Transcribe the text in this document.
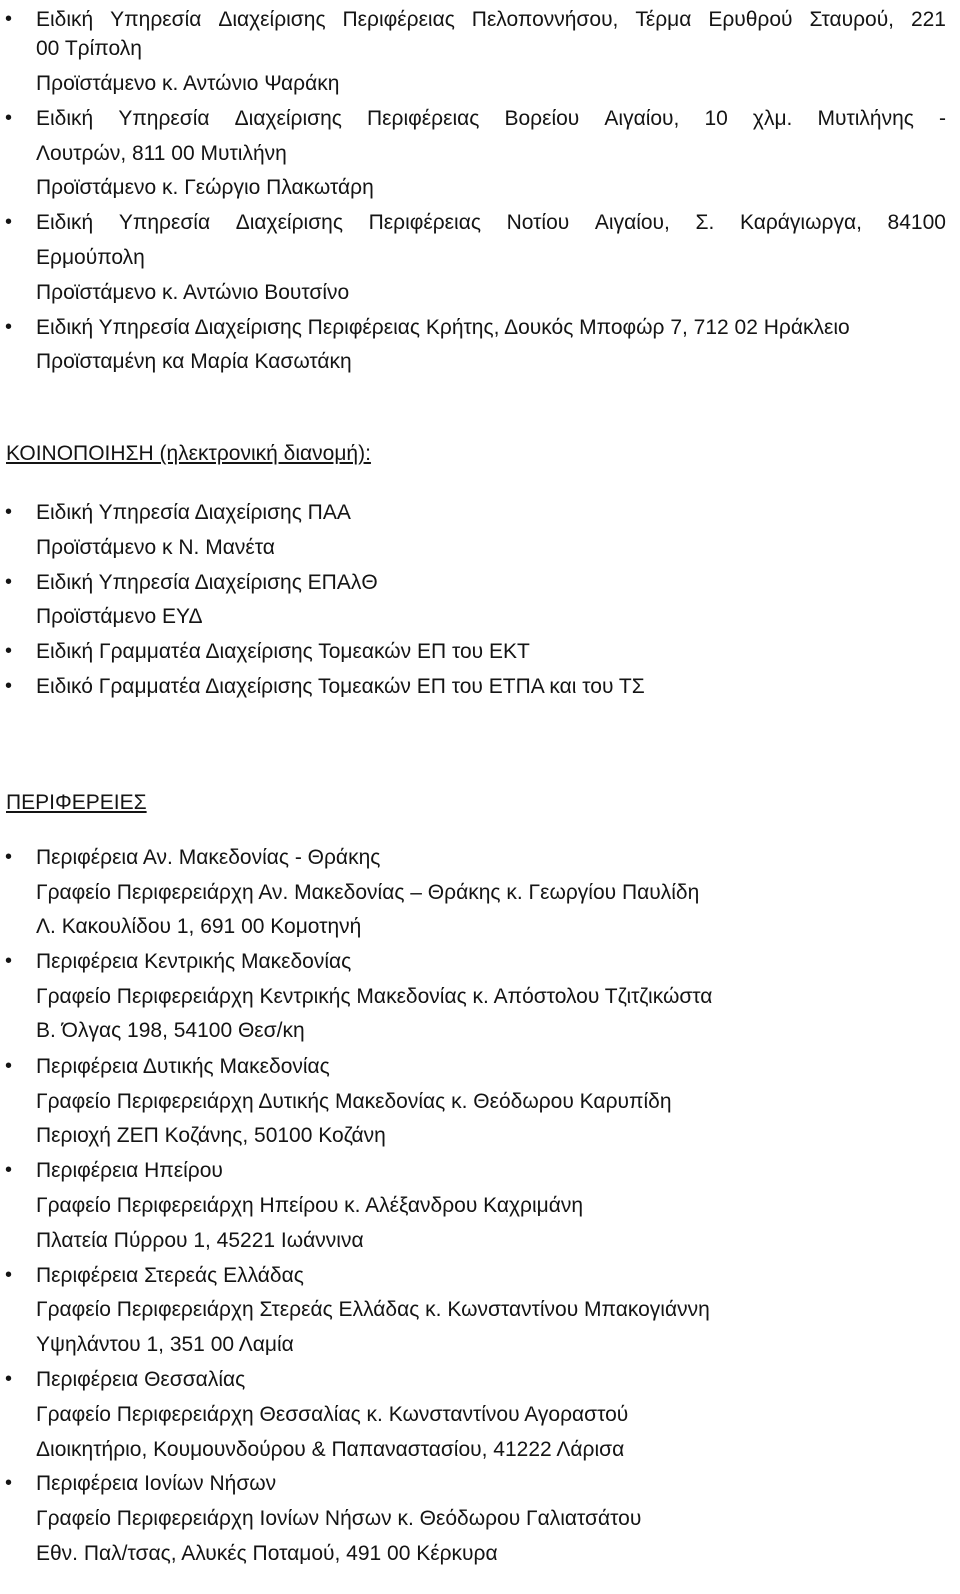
• Ειδική Υπηρεσία Διαχείρισης Περιφέρειας Πελοποννήσου, Τέρμα Ερυθρού Σταυρού, 221
00 Τρίπολη
Προϊστάμενο κ. Αντώνιο Ψαράκη
• Ειδική Υπηρεσία Διαχείρισης Περιφέρειας Βορείου Αιγαίου, 10 χλμ. Μυτιλήνης -
Λουτρών, 811 00 Μυτιλήνη
Προϊστάμενο κ. Γεώργιο Πλακωτάρη
• Ειδική Υπηρεσία Διαχείρισης Περιφέρειας Νοτίου Αιγαίου, Σ. Καράγιωργα, 84100
Ερμούπολη
Προϊστάμενο κ. Αντώνιο Βουτσίνο
• Ειδική Υπηρεσία Διαχείρισης Περιφέρειας Κρήτης, Δουκός Μποφώρ 7, 712 02 Ηράκλειο
Προϊσταμένη κα Μαρία Κασωτάκη
ΚΟΙΝΟΠΟΙΗΣΗ (ηλεκτρονική διανομή):
• Ειδική Υπηρεσία Διαχείρισης ΠΑΑ
Προϊστάμενο κ Ν. Μανέτα
• Ειδική Υπηρεσία Διαχείρισης ΕΠΑλΘ
Προϊστάμενο ΕΥΔ
• Ειδική Γραμματέα Διαχείρισης Τομεακών ΕΠ του ΕΚΤ
• Ειδικό Γραμματέα Διαχείρισης Τομεακών ΕΠ του ΕΤΠΑ και του ΤΣ
ΠΕΡΙΦΕΡΕΙΕΣ
• Περιφέρεια Αν. Μακεδονίας - Θράκης
Γραφείο Περιφερειάρχη Αν. Μακεδονίας – Θράκης κ. Γεωργίου Παυλίδη
Λ. Κακουλίδου 1, 691 00 Κομοτηνή
• Περιφέρεια Κεντρικής Μακεδονίας
Γραφείο Περιφερειάρχη Κεντρικής Μακεδονίας κ. Απόστολου Τζιτζικώστα
Β. Όλγας 198, 54100 Θεσ/κη
• Περιφέρεια Δυτικής Μακεδονίας
Γραφείο Περιφερειάρχη Δυτικής Μακεδονίας κ. Θεόδωρου Καρυπίδη
Περιοχή ΖΕΠ Κοζάνης, 50100 Κοζάνη
• Περιφέρεια Ηπείρου
Γραφείο Περιφερειάρχη Ηπείρου κ. Αλέξανδρου Καχριμάνη
Πλατεία Πύρρου 1, 45221 Ιωάννινα
• Περιφέρεια Στερεάς Ελλάδας
Γραφείο Περιφερειάρχη Στερεάς Ελλάδας κ. Κωνσταντίνου Μπακογιάννη
Υψηλάντου 1, 351 00 Λαμία
• Περιφέρεια Θεσσαλίας
Γραφείο Περιφερειάρχη Θεσσαλίας κ. Κωνσταντίνου Αγοραστού
Διοικητήριο, Κουμουνδούρου & Παπαναστασίου, 41222 Λάρισα
• Περιφέρεια Ιονίων Νήσων
Γραφείο Περιφερειάρχη Ιονίων Νήσων κ. Θεόδωρου Γαλιατσάτου
Εθν. Παλ/τσας, Αλυκές Ποταμού, 491 00 Κέρκυρα
